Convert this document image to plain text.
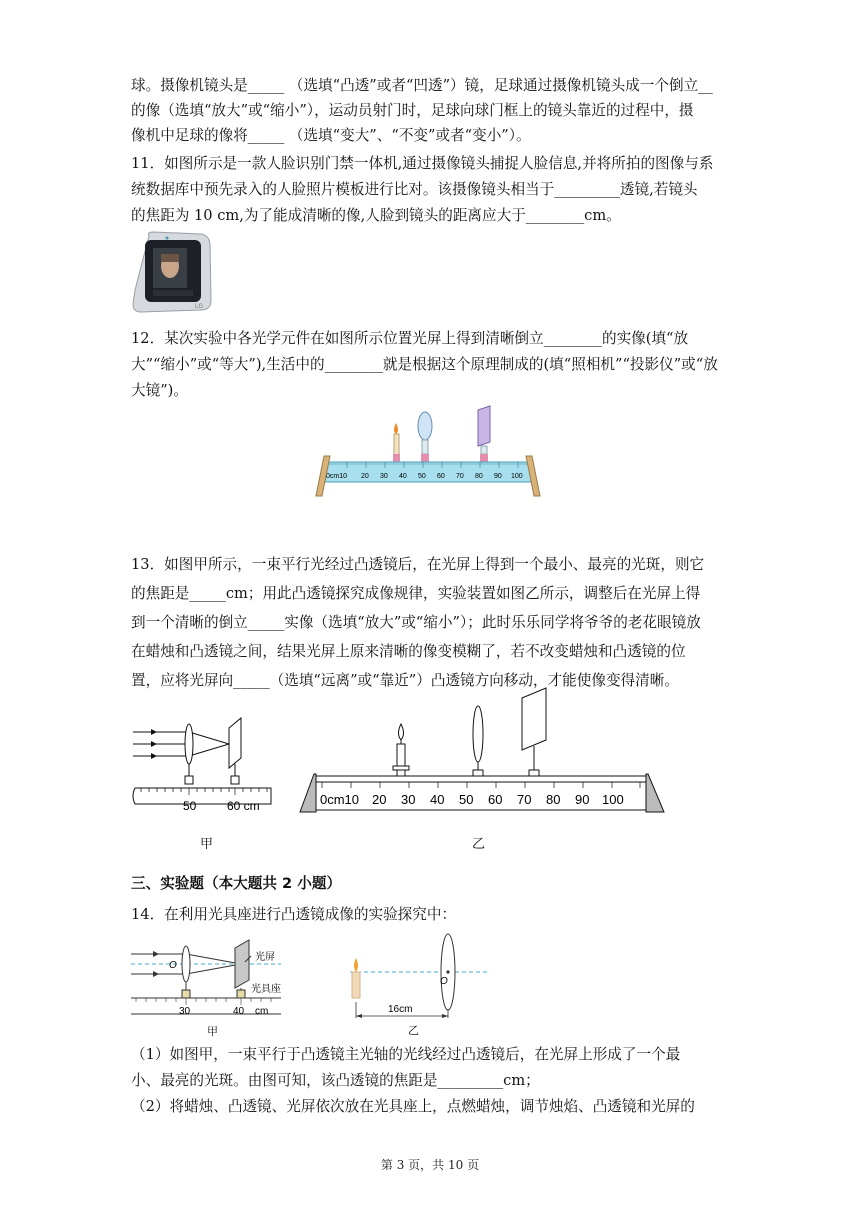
球。摄像机镜头是_____ （选填“凸透”或者“凹透”）镜，足球通过摄像机镜头成一个倒立__
的像（选填“放大”或“缩小”），运动员射门时，足球向球门框上的镜头靠近的过程中，摄
像机中足球的像将_____ （选填“变大”、“不变”或者“变小”）。
11．如图所示是一款人脸识别门禁一体机,通过摄像镜头捕捉人脸信息,并将所拍的图像与系
统数据库中预先录入的人脸照片模板进行比对。该摄像镜头相当于_________透镜,若镜头
的焦距为 10 cm,为了能成清晰的像,人脸到镜头的距离应大于________cm。
LG
12．某次实验中各光学元件在如图所示位置光屏上得到清晰倒立________的实像(填“放
大”“缩小”或“等大”),生活中的________就是根据这个原理制成的(填“照相机”“投影仪”或“放
大镜”)。
0cm10 20 30 40 50 60 70 80 90 100
13．如图甲所示，一束平行光经过凸透镜后，在光屏上得到一个最小、最亮的光斑，则它
的焦距是_____cm；用此凸透镜探究成像规律，实验装置如图乙所示，调整后在光屏上得
到一个清晰的倒立_____实像（选填“放大”或“缩小”）；此时乐乐同学将爷爷的老花眼镜放
在蜡烛和凸透镜之间，结果光屏上原来清晰的像变模糊了，若不改变蜡烛和凸透镜的位
置，应将光屏向_____（选填“远离”或“靠近”）凸透镜方向移动，才能使像变得清晰。
50	60 cm
甲
0cm10 20 30 40 50 60 70 80 90 100
乙
三、实验题（本大题共 2 小题）
14．在利用光具座进行凸透镜成像的实验探究中：
O
光屏
光具座
30	40 cm
甲
O
16cm
乙
（1）如图甲，一束平行于凸透镜主光轴的光线经过凸透镜后，在光屏上形成了一个最
小、最亮的光斑。由图可知，该凸透镜的焦距是_________cm；
（2）将蜡烛、凸透镜、光屏依次放在光具座上，点燃蜡烛，调节烛焰、凸透镜和光屏的
第 3 页，共 10 页
